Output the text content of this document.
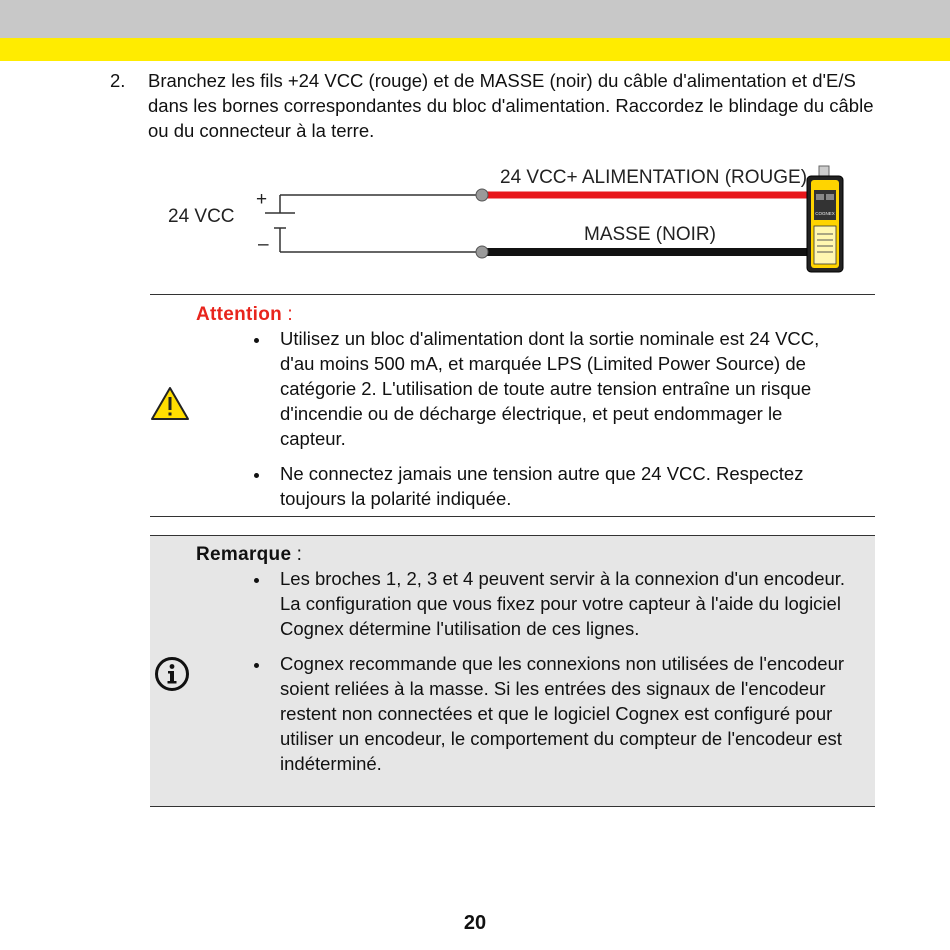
2. Branchez les fils +24 VCC (rouge) et de MASSE (noir) du câble d'alimentation et d'E/S dans les bornes correspondantes du bloc d'alimentation. Raccordez le blindage du câble ou du connecteur à la terre.
24 VCC
+
–
24 VCC+ ALIMENTATION (ROUGE)
MASSE (NOIR)
COGNEX
Attention :
Utilisez un bloc d'alimentation dont la sortie nominale est 24 VCC, d'au moins 500 mA, et marquée LPS (Limited Power Source) de catégorie 2. L'utilisation de toute autre tension entraîne un risque d'incendie ou de décharge électrique, et peut endommager le capteur.
Ne connectez jamais une tension autre que 24 VCC. Respectez toujours la polarité indiquée.
Remarque :
Les broches 1, 2, 3 et 4 peuvent servir à la connexion d'un encodeur. La configuration que vous fixez pour votre capteur à l'aide du logiciel Cognex détermine l'utilisation de ces lignes.
Cognex recommande que les connexions non utilisées de l'encodeur soient reliées à la masse. Si les entrées des signaux de l'encodeur restent non connectées et que le logiciel Cognex est configuré pour utiliser un encodeur, le comportement du compteur de l'encodeur est indéterminé.
20
